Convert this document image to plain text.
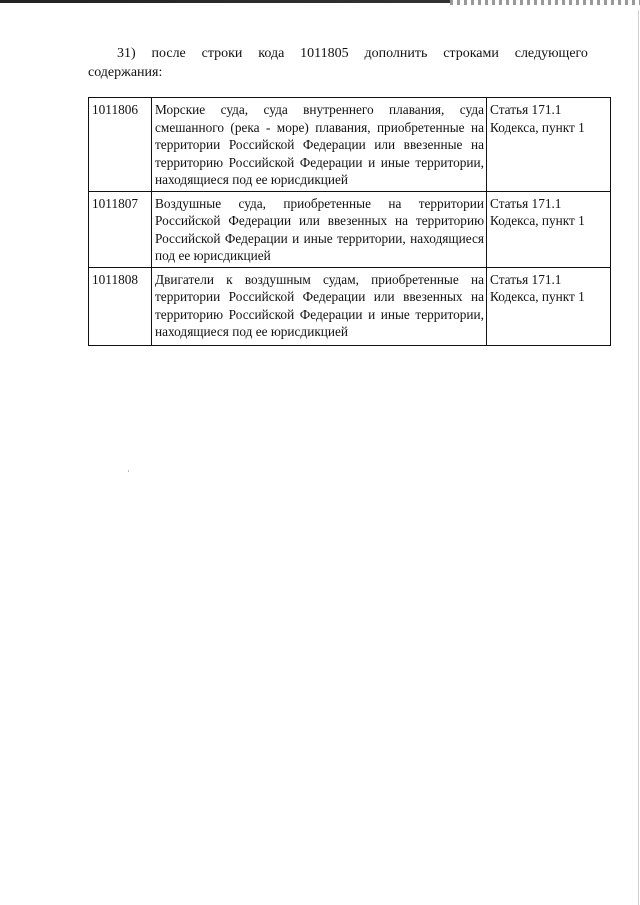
31) после строки кода 1011805 дополнить строками следующего
содержания:
1011806	Морские суда, суда внутреннего плавания, суда смешанного (река - море) плавания, приобретенные на территории Российской Федерации или ввезенные на территорию Российской Федерации и иные территории, находящиеся под ее юрисдикцией	Статья 171.1
Кодекса, пункт 1

1011807	Воздушные суда, приобретенные на территории Российской Федерации или ввезенных на территорию Российской Федерации и иные территории, находящиеся под ее юрисдикцией	Статья 171.1
Кодекса, пункт 1

1011808	Двигатели к воздушным судам, приобретенные на территории Российской Федерации или ввезенных на территорию Российской Федерации и иные территории, находящиеся под ее юрисдикцией	Статья 171.1
Кодекса, пункт 1
